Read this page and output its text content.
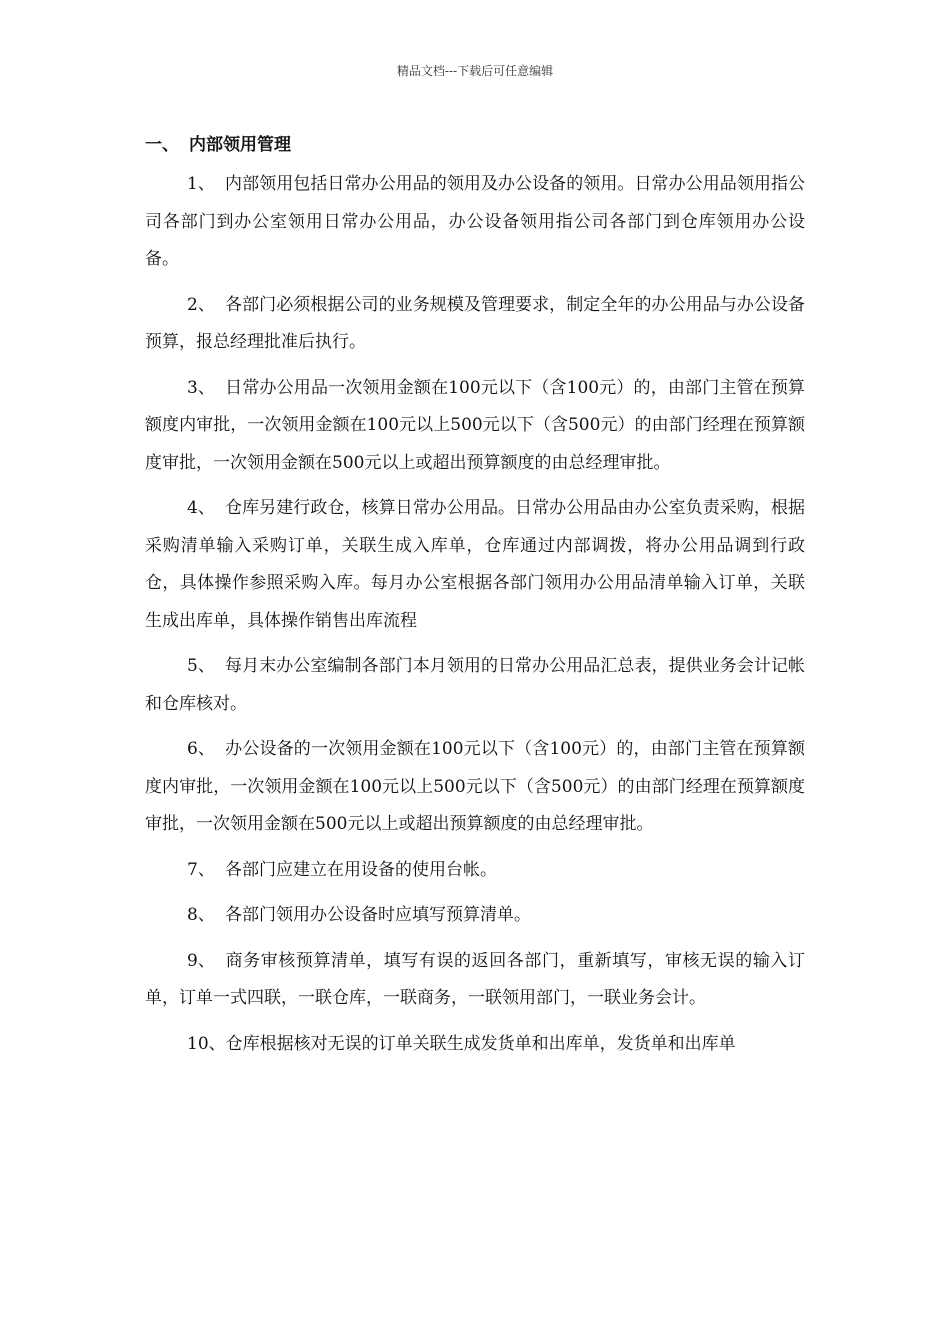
精品文档---下载后可任意编辑
一、 内部领用管理

1、 内部领用包括日常办公用品的领用及办公设备的领用。日常办公用品领用指公司各部门到办公室领用日常办公用品，办公设备领用指公司各部门到仓库领用办公设备。

2、 各部门必须根据公司的业务规模及管理要求，制定全年的办公用品与办公设备预算，报总经理批准后执行。

3、 日常办公用品一次领用金额在100元以下（含100元）的，由部门主管在预算额度内审批，一次领用金额在100元以上500元以下（含500元）的由部门经理在预算额度审批，一次领用金额在500元以上或超出预算额度的由总经理审批。

4、 仓库另建行政仓，核算日常办公用品。日常办公用品由办公室负责采购，根据采购清单输入采购订单，关联生成入库单，仓库通过内部调拨，将办公用品调到行政仓，具体操作参照采购入库。每月办公室根据各部门领用办公用品清单输入订单，关联生成出库单，具体操作销售出库流程

5、 每月末办公室编制各部门本月领用的日常办公用品汇总表，提供业务会计记帐和仓库核对。

6、 办公设备的一次领用金额在100元以下（含100元）的，由部门主管在预算额度内审批，一次领用金额在100元以上500元以下（含500元）的由部门经理在预算额度审批，一次领用金额在500元以上或超出预算额度的由总经理审批。

7、 各部门应建立在用设备的使用台帐。

8、 各部门领用办公设备时应填写预算清单。

9、 商务审核预算清单，填写有误的返回各部门，重新填写，审核无误的输入订单，订单一式四联，一联仓库，一联商务，一联领用部门，一联业务会计。

10、仓库根据核对无误的订单关联生成发货单和出库单，发货单和出库单
